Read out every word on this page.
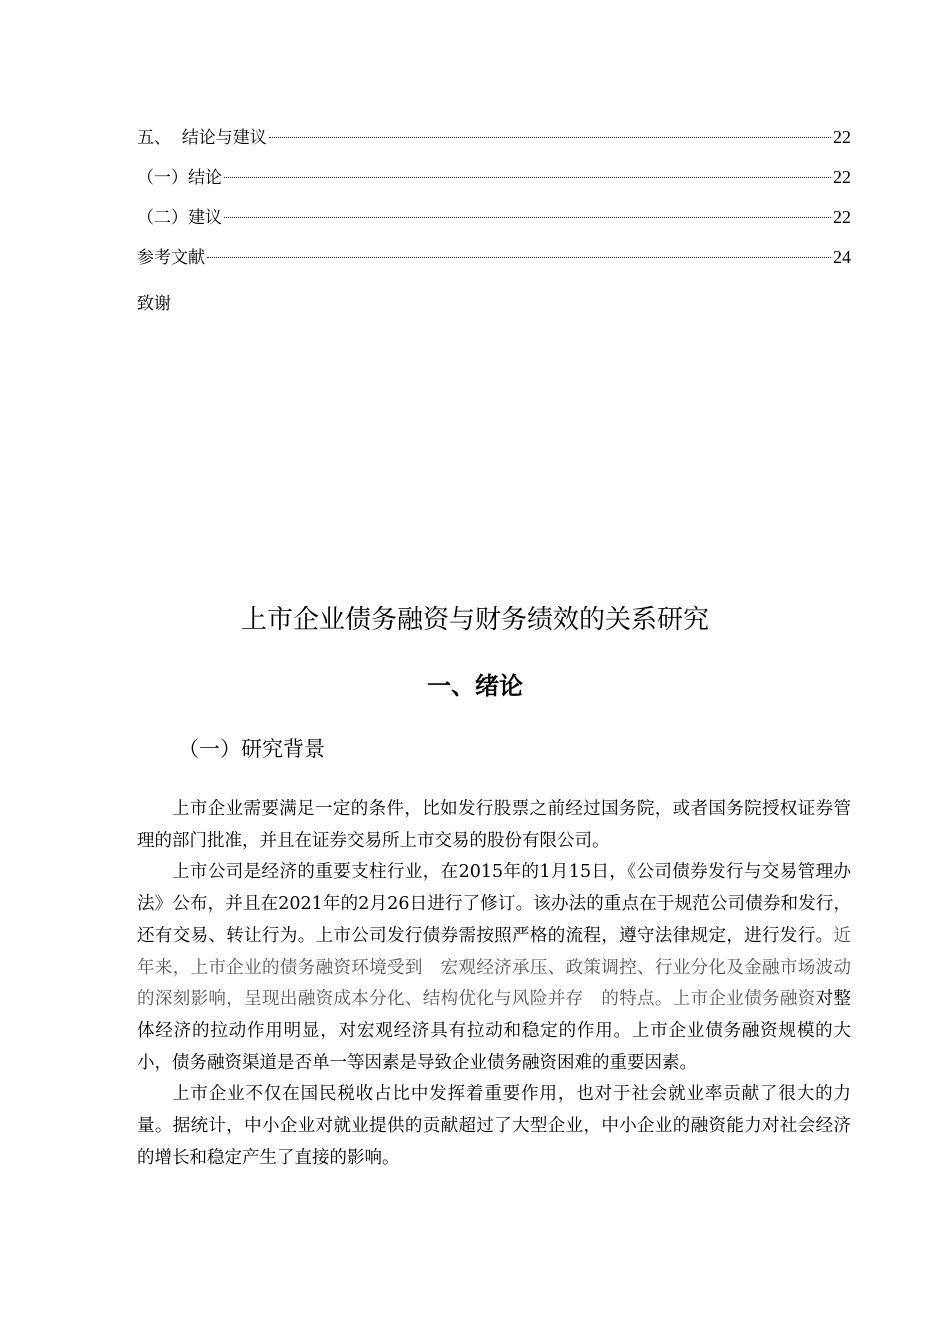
五、  结论与建议	22
（一）结论	22
（二）建议	22
参考文献	24
致谢
上市企业债务融资与财务绩效的关系研究
一、绪论
（一）研究背景

上市企业需要满足一定的条件，比如发行股票之前经过国务院，或者国务院授权证券管理的部门批准，并且在证券交易所上市交易的股份有限公司。

上市公司是经济的重要支柱行业，在2015年的1月15日，《公司债券发行与交易管理办法》公布，并且在2021年的2月26日进行了修订。该办法的重点在于规范公司债券和发行，还有交易、转让行为。上市公司发行债券需按照严格的流程，遵守法律规定，进行发行。近年来，上市企业的债务融资环境受到　宏观经济承压、政策调控、行业分化及金融市场波动的深刻影响，呈现出融资成本分化、结构优化与风险并存　的特点。上市企业债务融资对整体经济的拉动作用明显，对宏观经济具有拉动和稳定的作用。上市企业债务融资规模的大小，债务融资渠道是否单一等因素是导致企业债务融资困难的重要因素。

上市企业不仅在国民税收占比中发挥着重要作用，也对于社会就业率贡献了很大的力量。据统计，中小企业对就业提供的贡献超过了大型企业，中小企业的融资能力对社会经济的增长和稳定产生了直接的影响。
